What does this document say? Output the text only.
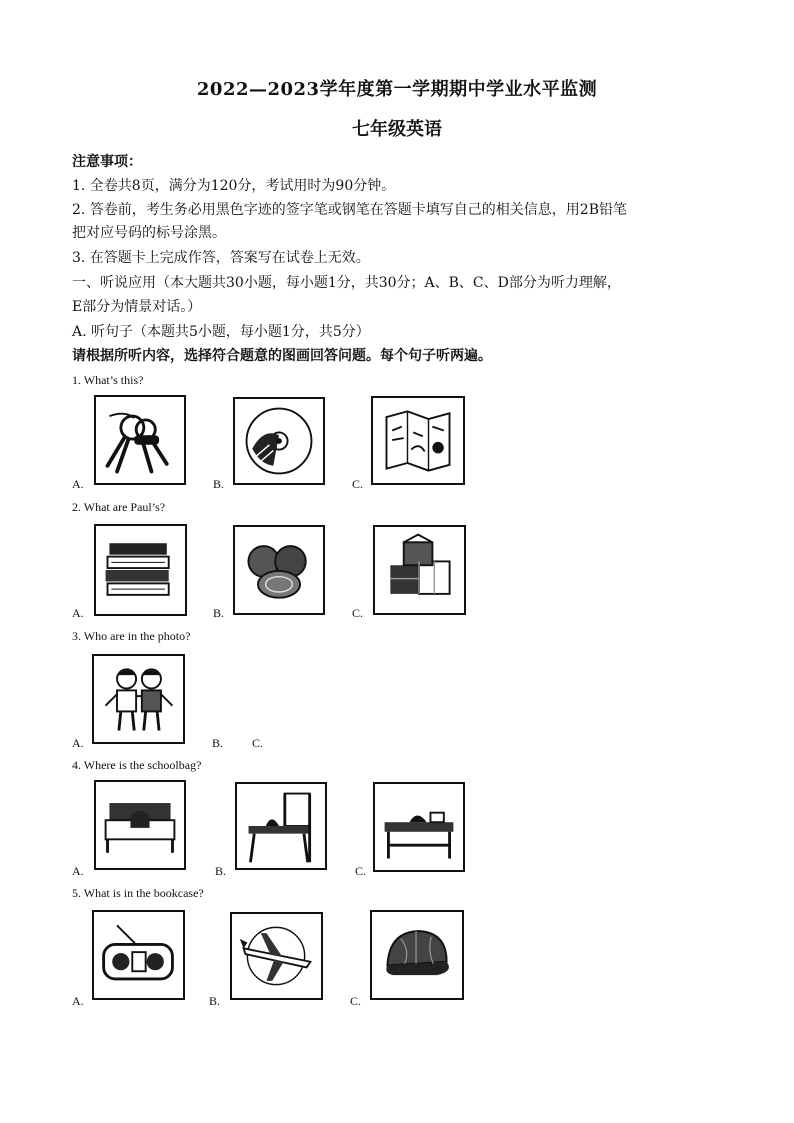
2022—2023学年度第一学期期中学业水平监测
七年级英语
注意事项：
1. 全卷共8页，满分为120分，考试用时为90分钟。
2. 答卷前，考生务必用黑色字迹的签字笔或钢笔在答题卡填写自己的相关信息，用2B铅笔
把对应号码的标号涂黑。
3. 在答题卡上完成作答，答案写在试卷上无效。
一、听说应用（本大题共30小题，每小题1分，共30分；A、B、C、D部分为听力理解，
E部分为情景对话。）
A. 听句子（本题共5小题，每小题1分，共5分）
请根据所听内容，选择符合题意的图画回答问题。每个句子听两遍。
1. What’s this?
A.	B.	C.
2. What are Paul’s?
A.	B.	C.
3. Who are in the photo?
A.	B. C.
4. Where is the schoolbag?
A.	B.	C.
5. What is in the bookcase?
A.	B.	C.
